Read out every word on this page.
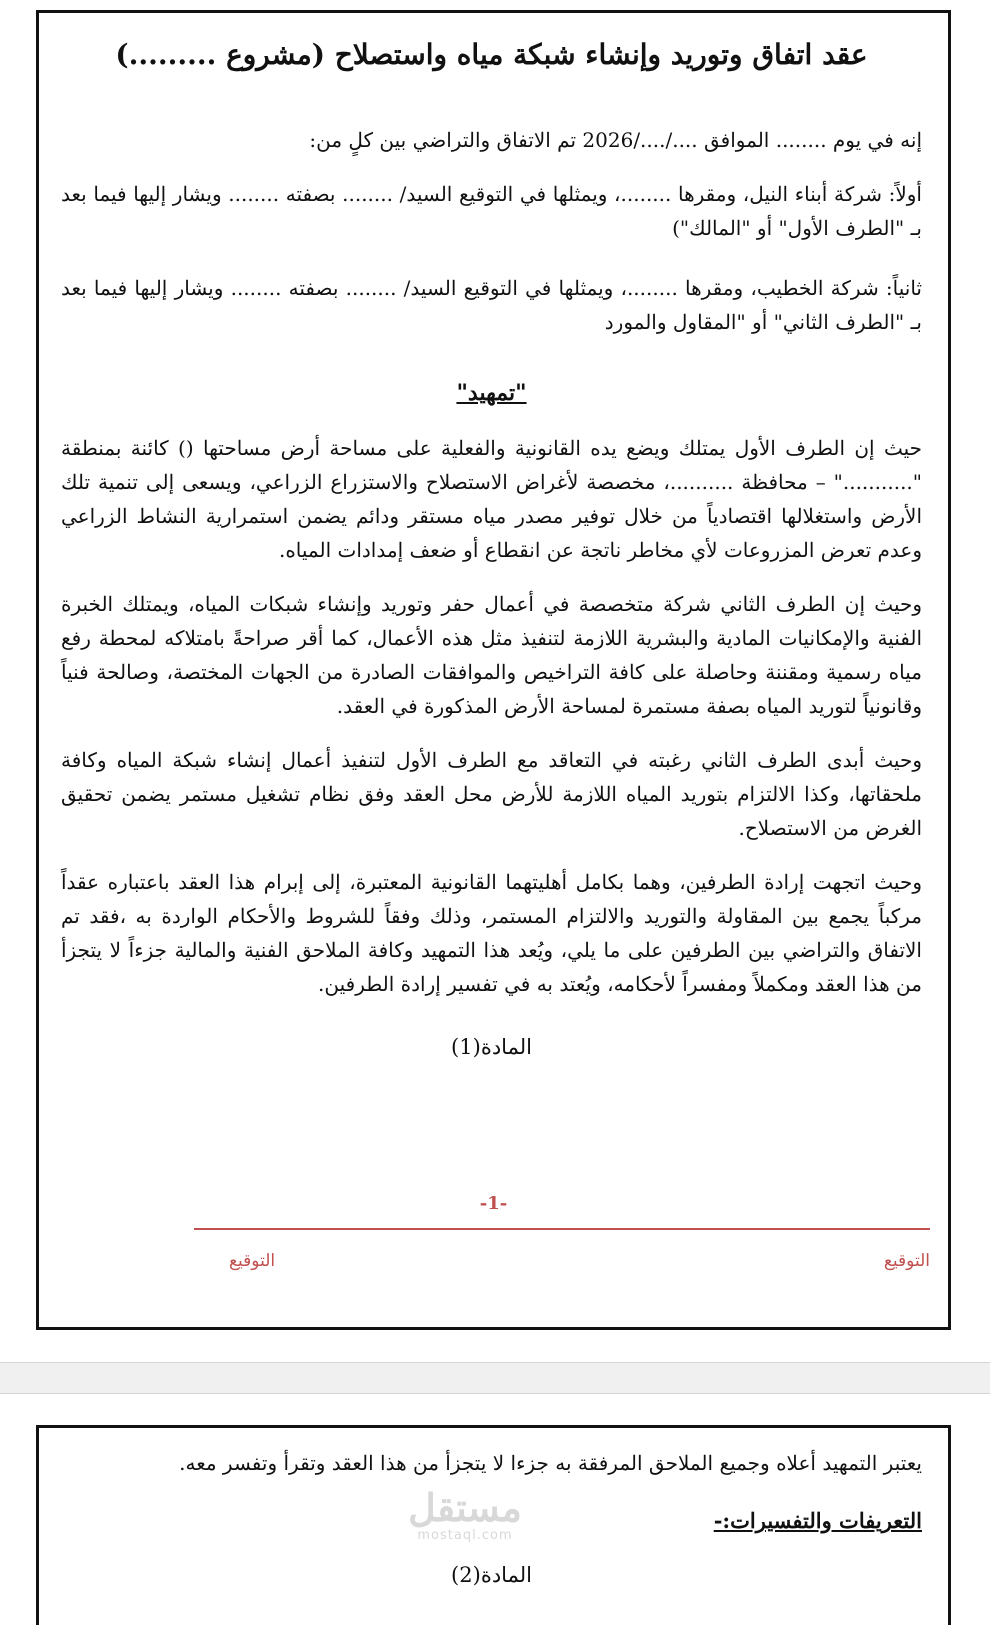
عقد اتفاق وتوريد وإنشاء شبكة مياه واستصلاح (مشروع .........)

إنه في يوم ........ الموافق ..../..../2026 تم الاتفاق والتراضي بين كلٍ من:

أولاً: شركة أبناء النيل، ومقرها ........، ويمثلها في التوقيع السيد/ ........ بصفته ........ ويشار إليها فيما بعد بـ "الطرف الأول" أو "المالك")

ثانياً: شركة الخطيب، ومقرها ........، ويمثلها في التوقيع السيد/ ........ بصفته ........ ويشار إليها فيما بعد بـ "الطرف الثاني" أو "المقاول والمورد

"تمهيد"

حيث إن الطرف الأول يمتلك ويضع يده القانونية والفعلية على مساحة أرض مساحتها () كائنة بمنطقة "..........." – محافظة ..........، مخصصة لأغراض الاستصلاح والاستزراع الزراعي، ويسعى إلى تنمية تلك الأرض واستغلالها اقتصادياً من خلال توفير مصدر مياه مستقر ودائم يضمن استمرارية النشاط الزراعي وعدم تعرض المزروعات لأي مخاطر ناتجة عن انقطاع أو ضعف إمدادات المياه.

وحيث إن الطرف الثاني شركة متخصصة في أعمال حفر وتوريد وإنشاء شبكات المياه، ويمتلك الخبرة الفنية والإمكانيات المادية والبشرية اللازمة لتنفيذ مثل هذه الأعمال، كما أقر صراحةً بامتلاكه لمحطة رفع مياه رسمية ومقننة وحاصلة على كافة التراخيص والموافقات الصادرة من الجهات المختصة، وصالحة فنياً وقانونياً لتوريد المياه بصفة مستمرة لمساحة الأرض المذكورة في العقد.

وحيث أبدى الطرف الثاني رغبته في التعاقد مع الطرف الأول لتنفيذ أعمال إنشاء شبكة المياه وكافة ملحقاتها، وكذا الالتزام بتوريد المياه اللازمة للأرض محل العقد وفق نظام تشغيل مستمر يضمن تحقيق الغرض من الاستصلاح.

وحيث اتجهت إرادة الطرفين، وهما بكامل أهليتهما القانونية المعتبرة، إلى إبرام هذا العقد باعتباره عقداً مركباً يجمع بين المقاولة والتوريد والالتزام المستمر، وذلك وفقاً للشروط والأحكام الواردة به ،فقد تم الاتفاق والتراضي بين الطرفين على ما يلي، ويُعد هذا التمهيد وكافة الملاحق الفنية والمالية جزءاً لا يتجزأ من هذا العقد ومكملاً ومفسراً لأحكامه، ويُعتد به في تفسير إرادة الطرفين.

المادة(1)
-1-
التوقيع	التوقيع

يعتبر التمهيد أعلاه وجميع الملاحق المرفقة به جزءا لا يتجزأ من هذا العقد وتقرأ وتفسر معه.

التعريفات والتفسيرات:-
المادة(2)
مستقل
mostaql.com
